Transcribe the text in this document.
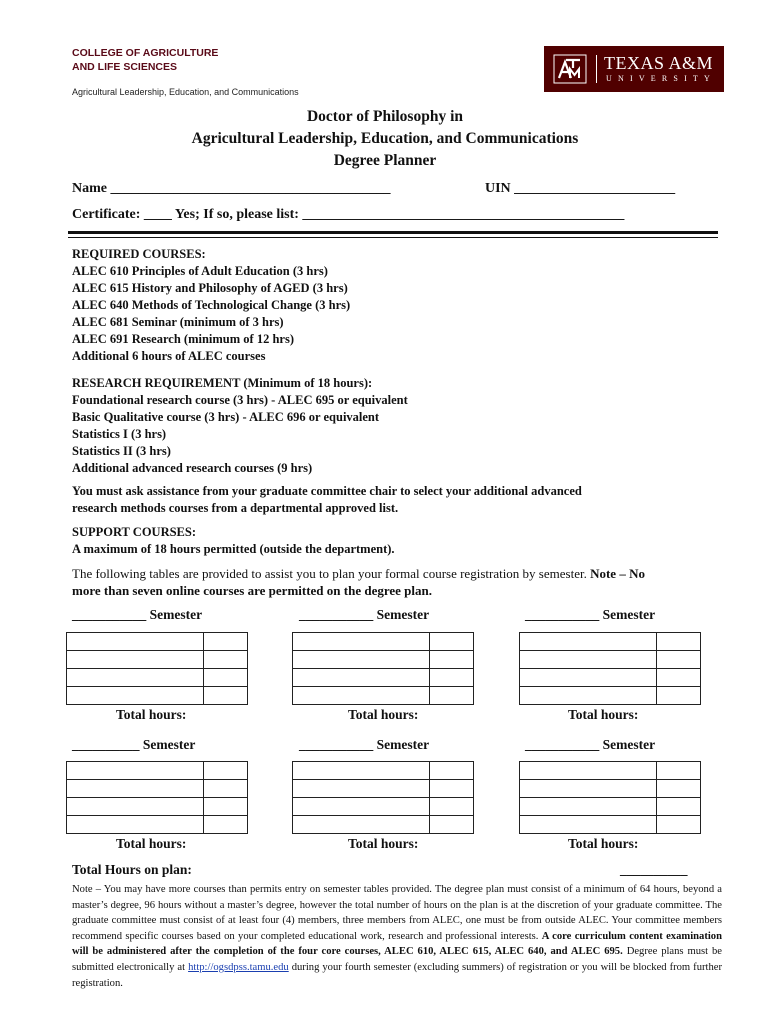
COLLEGE OF AGRICULTURE
AND LIFE SCIENCES
Agricultural Leadership, Education, and Communications
TEXAS A&M
UNIVERSITY
Doctor of Philosophy in
Agricultural Leadership, Education, and Communications
Degree Planner
Name ________________________________________	UIN _______________________
Certificate: ____ Yes; If so, please list: ______________________________________________
REQUIRED COURSES:
ALEC 610 Principles of Adult Education (3 hrs)
ALEC 615 History and Philosophy of AGED (3 hrs)
ALEC 640 Methods of Technological Change (3 hrs)
ALEC 681 Seminar (minimum of 3 hrs)
ALEC 691 Research (minimum of 12 hrs)
Additional 6 hours of ALEC courses
RESEARCH REQUIREMENT (Minimum of 18 hours):
Foundational research course (3 hrs) - ALEC 695 or equivalent
Basic Qualitative course (3 hrs) - ALEC 696 or equivalent
Statistics I (3 hrs)
Statistics II (3 hrs)
Additional advanced research courses (9 hrs)
You must ask assistance from your graduate committee chair to select your additional advanced
research methods courses from a departmental approved list.
SUPPORT COURSES:
A maximum of 18 hours permitted (outside the department).
The following tables are provided to assist you to plan your formal course registration by semester. Note – No
more than seven online courses are permitted on the degree plan.
___________ Semester	___________ Semester	___________ Semester

Total hours:	Total hours:	Total hours:
__________ Semester	___________ Semester	___________ Semester

Total hours:	Total hours:	Total hours:
Total Hours on plan:	__________
Note – You may have more courses than permits entry on semester tables provided. The degree plan must consist of a minimum of 64 hours, beyond a master’s degree, 96 hours without a master’s degree, however the total number of hours on the plan is at the discretion of your graduate committee. The graduate committee must consist of at least four (4) members, three members from ALEC, one must be from outside ALEC. Your committee members recommend specific courses based on your completed educational work, research and professional interests. A core curriculum content examination will be administered after the completion of the four core courses, ALEC 610, ALEC 615, ALEC 640, and ALEC 695. Degree plans must be submitted electronically at http://ogsdpss.tamu.edu during your fourth semester (excluding summers) of registration or you will be blocked from further registration.
